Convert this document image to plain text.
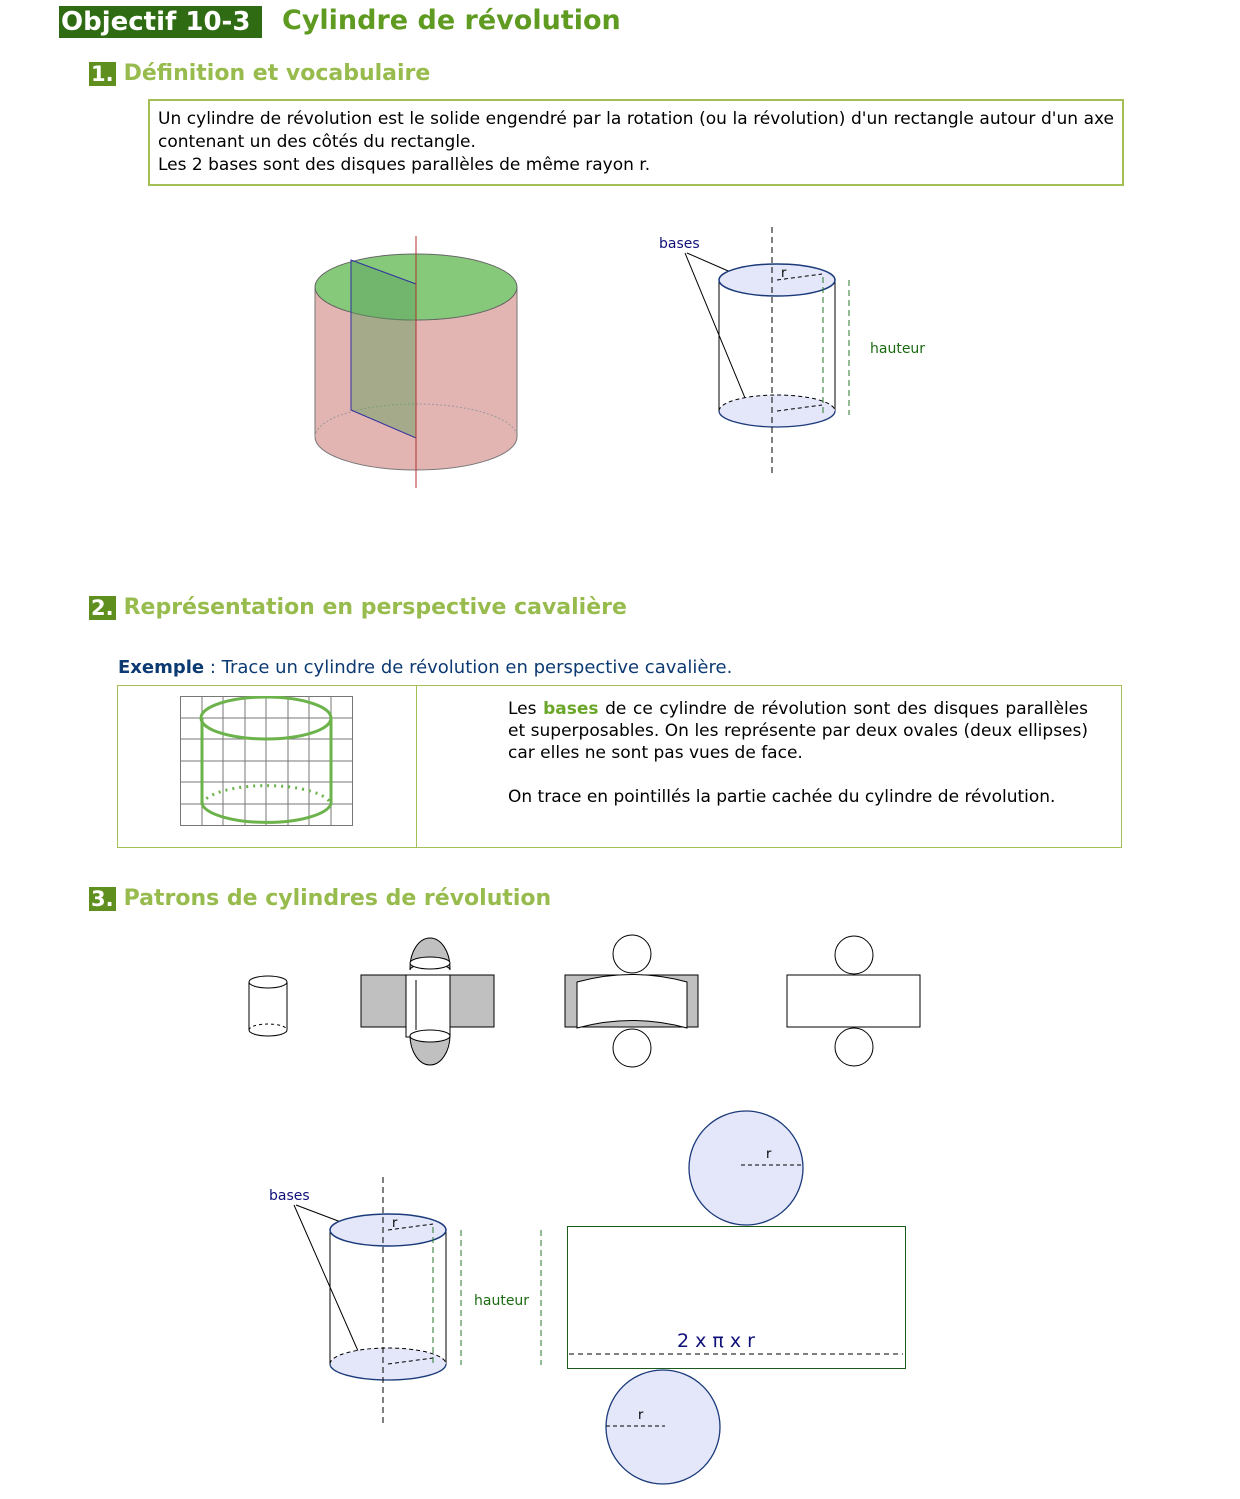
Objectif 10-3	Cylindre de révolution
1. Définition et vocabulaire

Un cylindre de révolution est le solide engendré par la rotation (ou la révolution) d'un rectangle autour d'un axe contenant un des côtés du rectangle.

Les 2 bases sont des disques parallèles de même rayon r.

bases
r
hauteur
2. Représentation en perspective cavalière
Exemple : Trace un cylindre de révolution en perspective cavalière.

Les bases de ce cylindre de révolution sont des disques parallèles et superposables. On les représente par deux ovales (deux ellipses) car elles ne sont pas vues de face.

On trace en pointillés la partie cachée du cylindre de révolution.

3. Patrons de cylindres de révolution
bases
r
hauteur
r
2 x π x r
r
